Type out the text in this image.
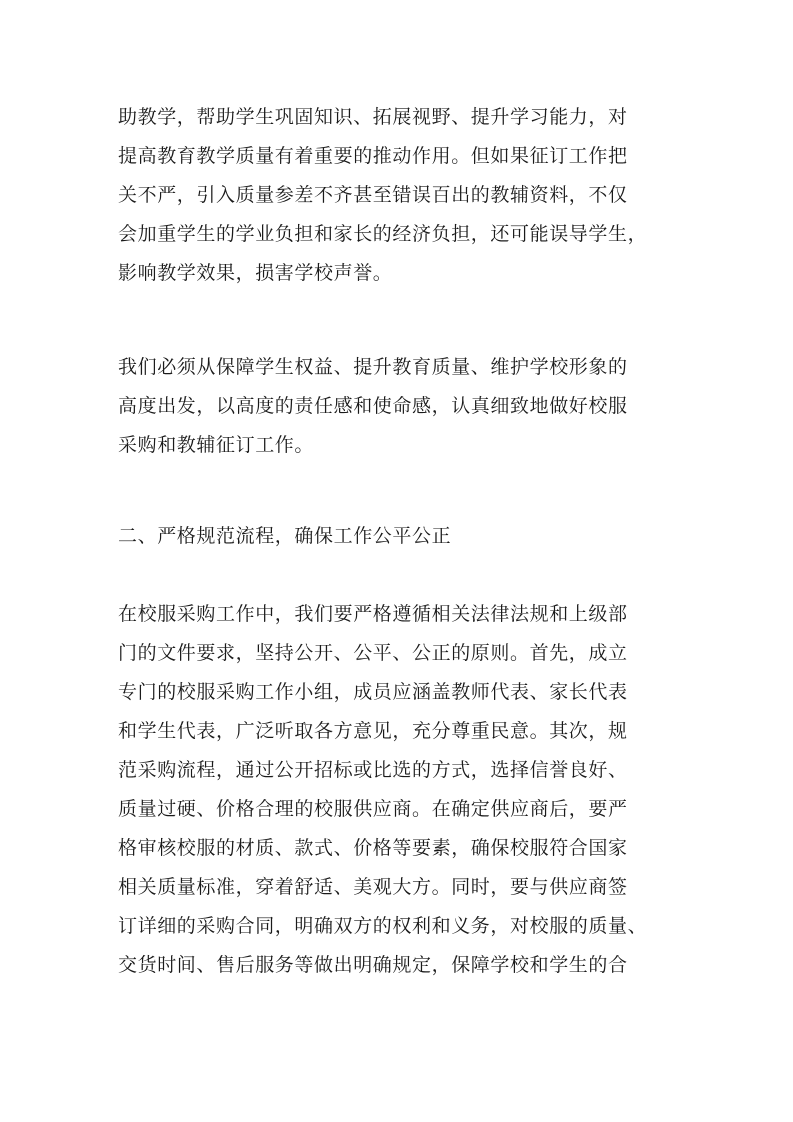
助教学，帮助学生巩固知识、拓展视野、提升学习能力，对
提高教育教学质量有着重要的推动作用。但如果征订工作把
关不严，引入质量参差不齐甚至错误百出的教辅资料，不仅
会加重学生的学业负担和家长的经济负担，还可能误导学生，
影响教学效果，损害学校声誉。
我们必须从保障学生权益、提升教育质量、维护学校形象的
高度出发，以高度的责任感和使命感，认真细致地做好校服
采购和教辅征订工作。
二、严格规范流程，确保工作公平公正
在校服采购工作中，我们要严格遵循相关法律法规和上级部
门的文件要求，坚持公开、公平、公正的原则。首先，成立
专门的校服采购工作小组，成员应涵盖教师代表、家长代表
和学生代表，广泛听取各方意见，充分尊重民意。其次，规
范采购流程，通过公开招标或比选的方式，选择信誉良好、
质量过硬、价格合理的校服供应商。在确定供应商后，要严
格审核校服的材质、款式、价格等要素，确保校服符合国家
相关质量标准，穿着舒适、美观大方。同时，要与供应商签
订详细的采购合同，明确双方的权利和义务，对校服的质量、
交货时间、售后服务等做出明确规定，保障学校和学生的合
